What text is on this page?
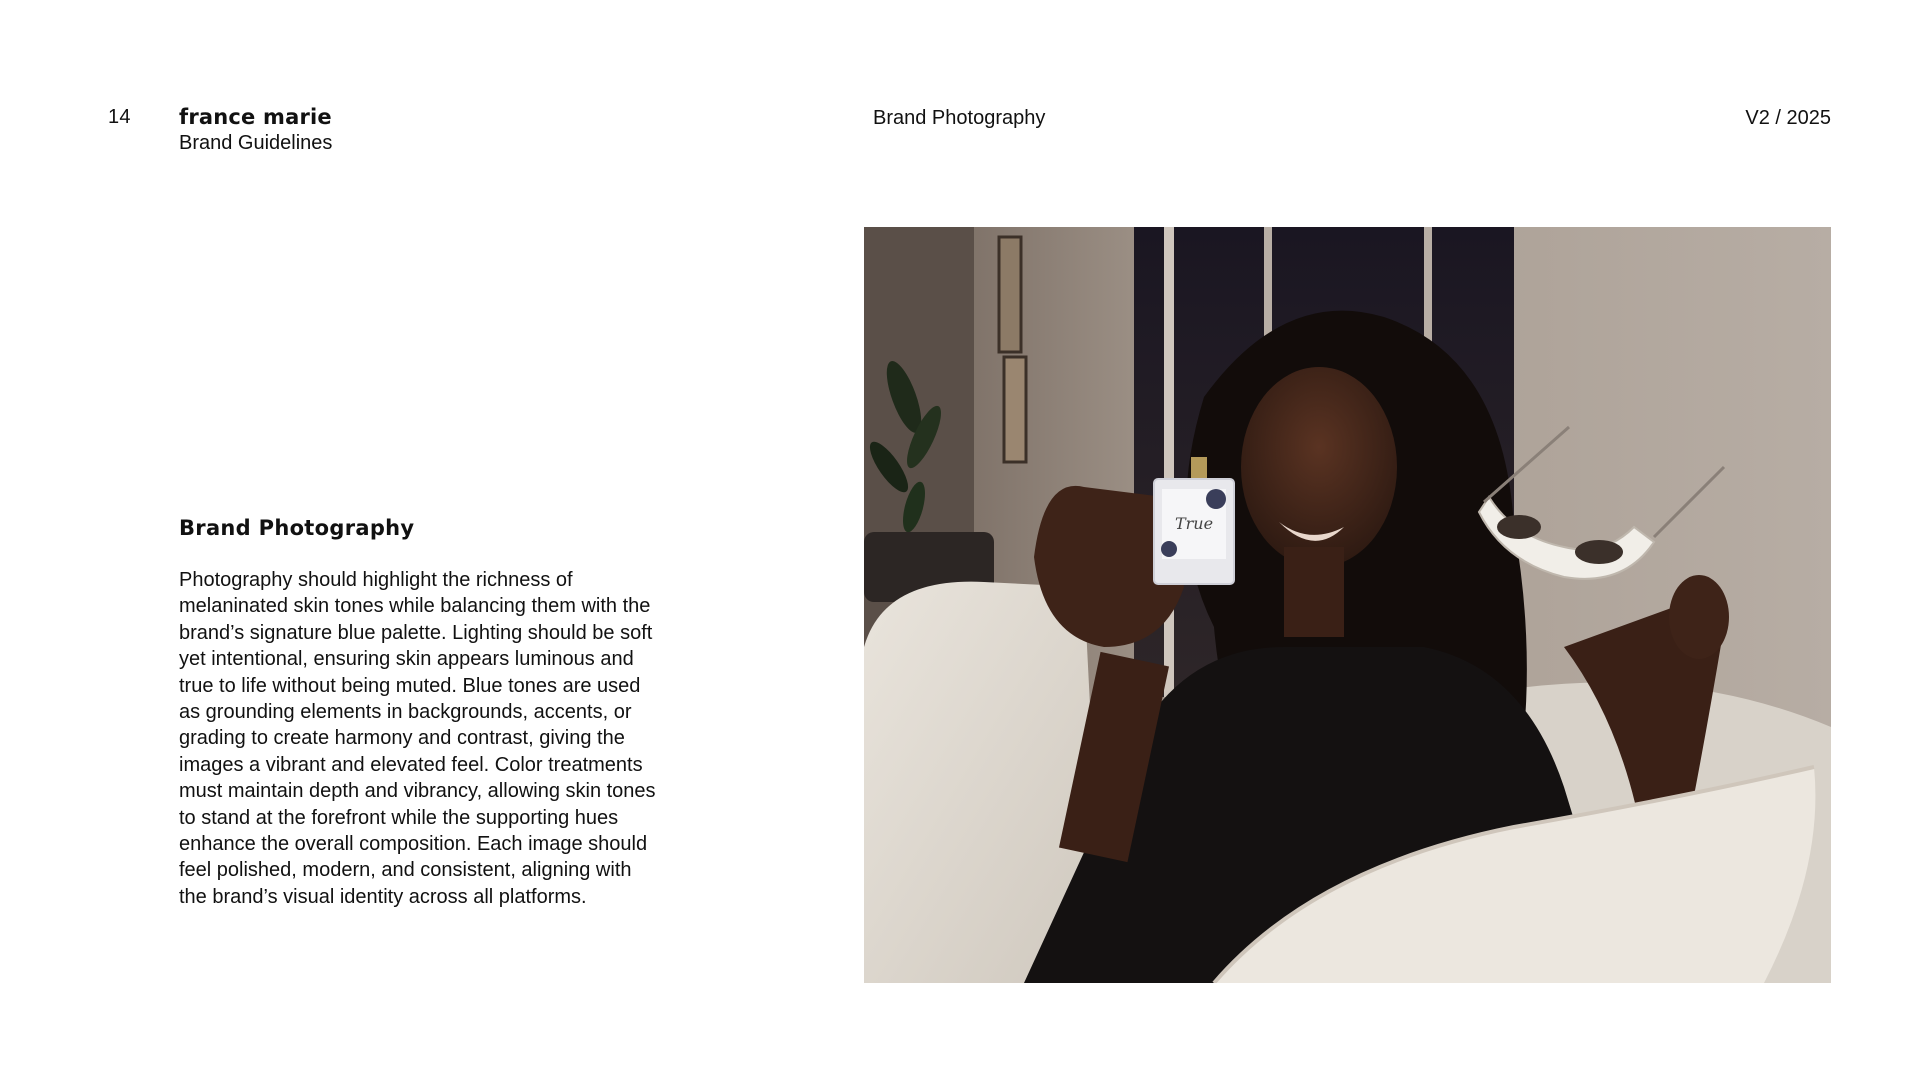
14 france marie
Brand Guidelines
Brand Photography	V2 / 2025
Brand Photography
Photography should highlight the richness of melaninated skin tones while balancing them with the brand’s signature blue palette. Lighting should be soft yet intentional, ensuring skin appears luminous and true to life without being muted. Blue tones are used as grounding elements in backgrounds, accents, or grading to create harmony and contrast, giving the images a vibrant and elevated feel. Color treatments must maintain depth and vibrancy, allowing skin tones to stand at the forefront while the supporting hues enhance the overall composition. Each image should feel polished, modern, and consistent, aligning with the brand’s visual identity across all platforms.
True
